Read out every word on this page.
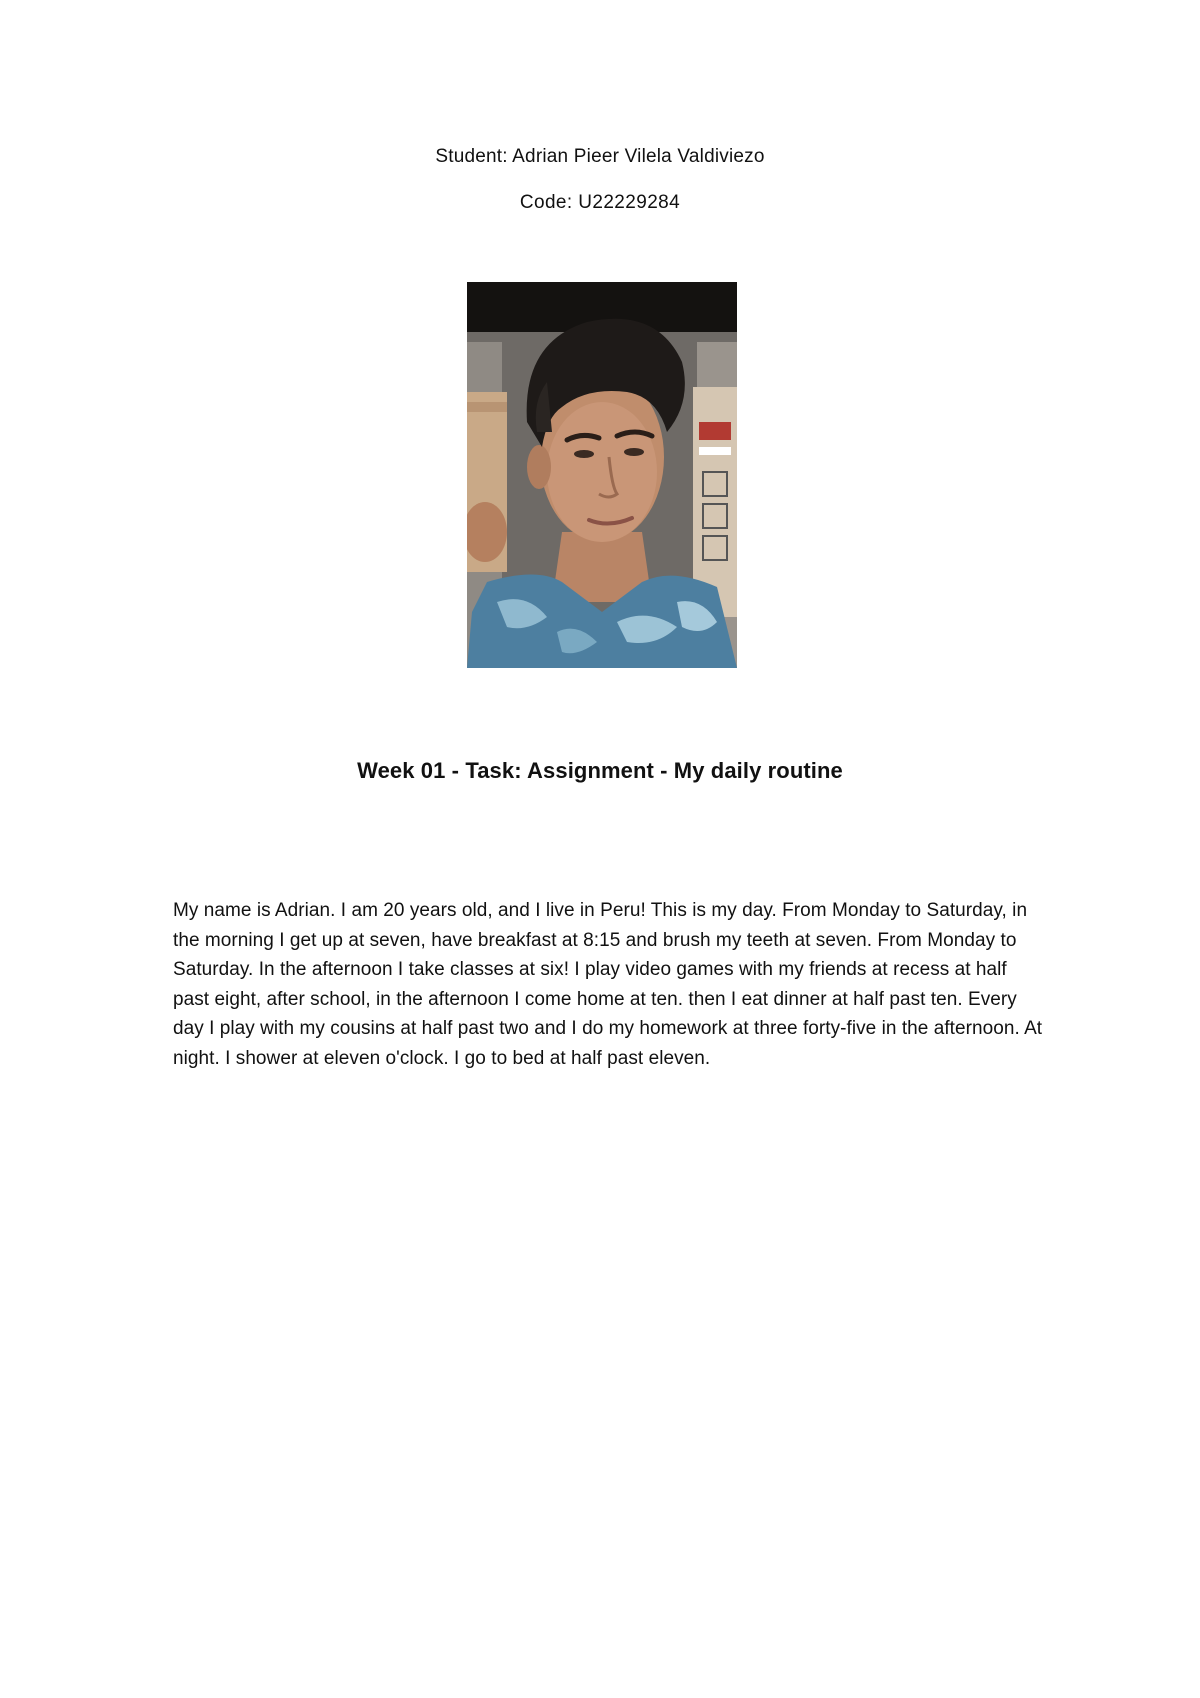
Student: Adrian Pieer Vilela Valdiviezo
Code: U22229284
Week 01 - Task: Assignment - My daily routine
My name is Adrian. I am 20 years old, and I live in Peru! This is my day. From Monday to Saturday, in the morning I get up at seven, have breakfast at 8:15 and brush my teeth at seven. From Monday to Saturday. In the afternoon I take classes at six! I play video games with my friends at recess at half past eight, after school, in the afternoon I come home at ten. then I eat dinner at half past ten. Every day I play with my cousins at half past two and I do my homework at three forty-five in the afternoon. At night. I shower at eleven o'clock. I go to bed at half past eleven.
